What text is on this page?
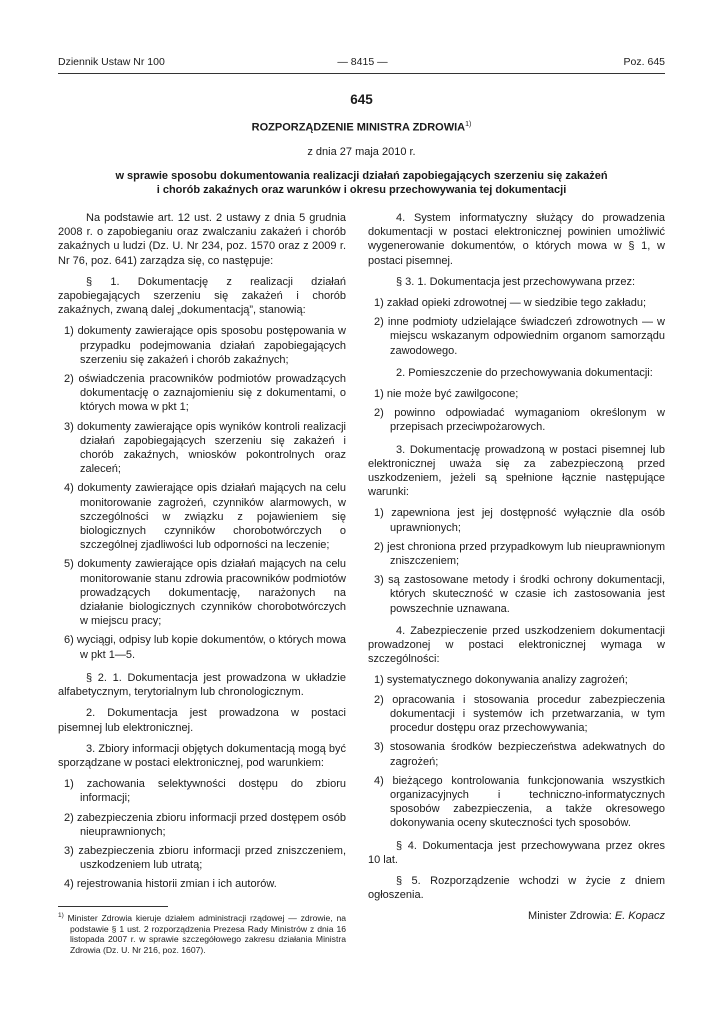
Dziennik Ustaw Nr 100	— 8415 —	Poz. 645
645
ROZPORZĄDZENIE MINISTRA ZDROWIA$^{1)}$
z dnia 27 maja 2010 r.
w sprawie sposobu dokumentowania realizacji działań zapobiegających szerzeniu się zakażeń
i chorób zakaźnych oraz warunków i okresu przechowywania tej dokumentacji

Na podstawie art. 12 ust. 2 ustawy z dnia 5 grudnia 2008 r. o zapobieganiu oraz zwalczaniu zakażeń i chorób zakaźnych u ludzi (Dz. U. Nr 234, poz. 1570 oraz z 2009 r. Nr 76, poz. 641) zarządza się, co następuje:

§ 1. Dokumentację z realizacji działań zapobiegających szerzeniu się zakażeń i chorób zakaźnych, zwaną dalej „dokumentacją”, stanowią:

1) dokumenty zawierające opis sposobu postępowania w przypadku podejmowania działań zapobiegających szerzeniu się zakażeń i chorób zakaźnych;
2) oświadczenia pracowników podmiotów prowadzących dokumentację o zaznajomieniu się z dokumentami, o których mowa w pkt 1;
3) dokumenty zawierające opis wyników kontroli realizacji działań zapobiegających szerzeniu się zakażeń i chorób zakaźnych, wniosków pokontrolnych oraz zaleceń;
4) dokumenty zawierające opis działań mających na celu monitorowanie zagrożeń, czynników alarmowych, w szczególności w związku z pojawieniem się biologicznych czynników chorobotwórczych o szczególnej zjadliwości lub odporności na leczenie;
5) dokumenty zawierające opis działań mających na celu monitorowanie stanu zdrowia pracowników podmiotów prowadzących dokumentację, narażonych na działanie biologicznych czynników chorobotwórczych w miejscu pracy;
6) wyciągi, odpisy lub kopie dokumentów, o których mowa w pkt 1—5.

§ 2. 1. Dokumentacja jest prowadzona w układzie alfabetycznym, terytorialnym lub chronologicznym.

2. Dokumentacja jest prowadzona w postaci pisemnej lub elektronicznej.

3. Zbiory informacji objętych dokumentacją mogą być sporządzane w postaci elektronicznej, pod warunkiem:

1) zachowania selektywności dostępu do zbioru informacji;
2) zabezpieczenia zbioru informacji przed dostępem osób nieuprawnionych;
3) zabezpieczenia zbioru informacji przed zniszczeniem, uszkodzeniem lub utratą;
4) rejestrowania historii zmian i ich autorów.
$^{1)}$ Minister Zdrowia kieruje działem administracji rządowej — zdrowie, na podstawie § 1 ust. 2 rozporządzenia Prezesa Rady Ministrów z dnia 16 listopada 2007 r. w sprawie szczegółowego zakresu działania Ministra Zdrowia (Dz. U. Nr 216, poz. 1607).

4. System informatyczny służący do prowadzenia dokumentacji w postaci elektronicznej powinien umożliwić wygenerowanie dokumentów, o których mowa w § 1, w postaci pisemnej.

§ 3. 1. Dokumentacja jest przechowywana przez:

1) zakład opieki zdrowotnej — w siedzibie tego zakładu;
2) inne podmioty udzielające świadczeń zdrowotnych — w miejscu wskazanym odpowiednim organom samorządu zawodowego.

2. Pomieszczenie do przechowywania dokumentacji:

1) nie może być zawilgocone;
2) powinno odpowiadać wymaganiom określonym w przepisach przeciwpożarowych.

3. Dokumentację prowadzoną w postaci pisemnej lub elektronicznej uważa się za zabezpieczoną przed uszkodzeniem, jeżeli są spełnione łącznie następujące warunki:

1) zapewniona jest jej dostępność wyłącznie dla osób uprawnionych;
2) jest chroniona przed przypadkowym lub nieuprawnionym zniszczeniem;
3) są zastosowane metody i środki ochrony dokumentacji, których skuteczność w czasie ich zastosowania jest powszechnie uznawana.

4. Zabezpieczenie przed uszkodzeniem dokumentacji prowadzonej w postaci elektronicznej wymaga w szczególności:

1) systematycznego dokonywania analizy zagrożeń;
2) opracowania i stosowania procedur zabezpieczenia dokumentacji i systemów ich przetwarzania, w tym procedur dostępu oraz przechowywania;
3) stosowania środków bezpieczeństwa adekwatnych do zagrożeń;
4) bieżącego kontrolowania funkcjonowania wszystkich organizacyjnych i techniczno-informatycznych sposobów zabezpieczenia, a także okresowego dokonywania oceny skuteczności tych sposobów.

§ 4. Dokumentacja jest przechowywana przez okres 10 lat.

§ 5. Rozporządzenie wchodzi w życie z dniem ogłoszenia.

Minister Zdrowia: E. Kopacz
